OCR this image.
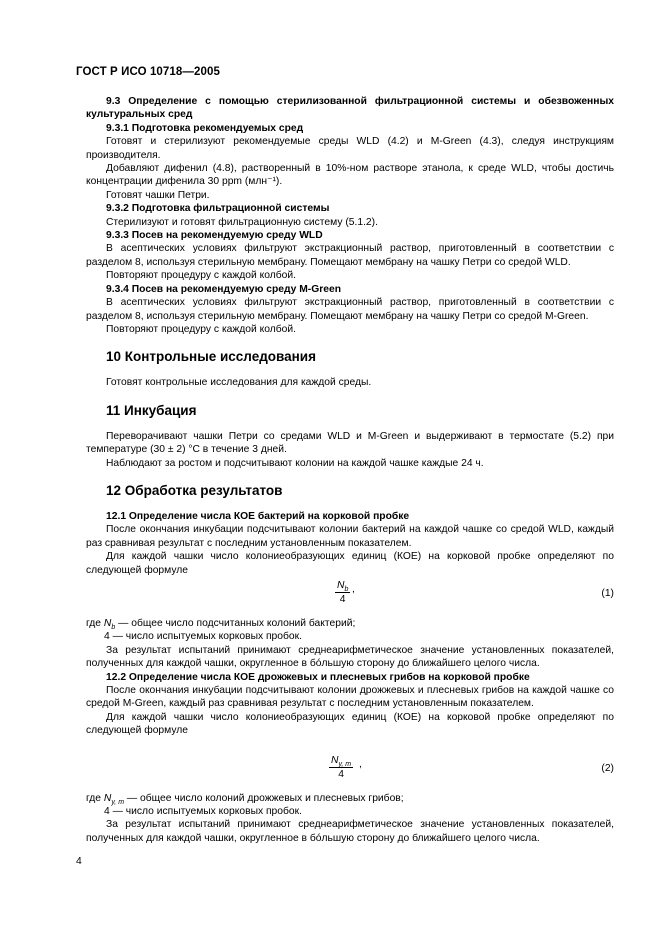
ГОСТ Р ИСО 10718—2005

9.3 Определение с помощью стерилизованной фильтрационной системы и обезвоженных культуральных сред

9.3.1 Подготовка рекомендуемых сред

Готовят и стерилизуют рекомендуемые среды WLD (4.2) и M-Green (4.3), следуя инструкциям производителя.

Добавляют дифенил (4.8), растворенный в 10%-ном растворе этанола, к среде WLD, чтобы достичь концентрации дифенила 30 ppm (млн⁻¹).

Готовят чашки Петри.

9.3.2 Подготовка фильтрационной системы

Стерилизуют и готовят фильтрационную систему (5.1.2).

9.3.3 Посев на рекомендуемую среду WLD

В асептических условиях фильтруют экстракционный раствор, приготовленный в соответствии с разделом 8, используя стерильную мембрану. Помещают мембрану на чашку Петри со средой WLD.

Повторяют процедуру с каждой колбой.

9.3.4 Посев на рекомендуемую среду M-Green

В асептических условиях фильтруют экстракционный раствор, приготовленный в соответствии с разделом 8, используя стерильную мембрану. Помещают мембрану на чашку Петри со средой M-Green.

Повторяют процедуру с каждой колбой.

10 Контрольные исследования

Готовят контрольные исследования для каждой среды.

11 Инкубация

Переворачивают чашки Петри со средами WLD и M-Green и выдерживают в термостате (5.2) при температуре (30 ± 2) °С в течение 3 дней.

Наблюдают за ростом и подсчитывают колонии на каждой чашке каждые 24 ч.

12 Обработка результатов

12.1 Определение числа КОЕ бактерий на корковой пробке

После окончания инкубации подсчитывают колонии бактерий на каждой чашке со средой WLD, каждый раз сравнивая результат с последним установленным показателем.

Для каждой чашки число колониеобразующих единиц (КОЕ) на корковой пробке определяют по следующей формуле

$\frac{N_b}{4}$ ,	(1)

где $N_b$ — общее число подсчитанных колоний бактерий;

4 — число испытуемых корковых пробок.

За результат испытаний принимают среднеарифметическое значение установленных показателей, полученных для каждой чашки, округленное в бóльшую сторону до ближайшего целого числа.

12.2 Определение числа КОЕ дрожжевых и плесневых грибов на корковой пробке

После окончания инкубации подсчитывают колонии дрожжевых и плесневых грибов на каждой чашке со средой M-Green, каждый раз сравнивая результат с последним установленным показателем.

Для каждой чашки число колониеобразующих единиц (КОЕ) на корковой пробке определяют по следующей формуле

$\frac{N_{y, m}}{4}$ ,	(2)

где $N_{y, m}$ — общее число колоний дрожжевых и плесневых грибов;

4 — число испытуемых корковых пробок.

За результат испытаний принимают среднеарифметическое значение установленных показателей, полученных для каждой чашки, округленное в бóльшую сторону до ближайшего целого числа.

4
